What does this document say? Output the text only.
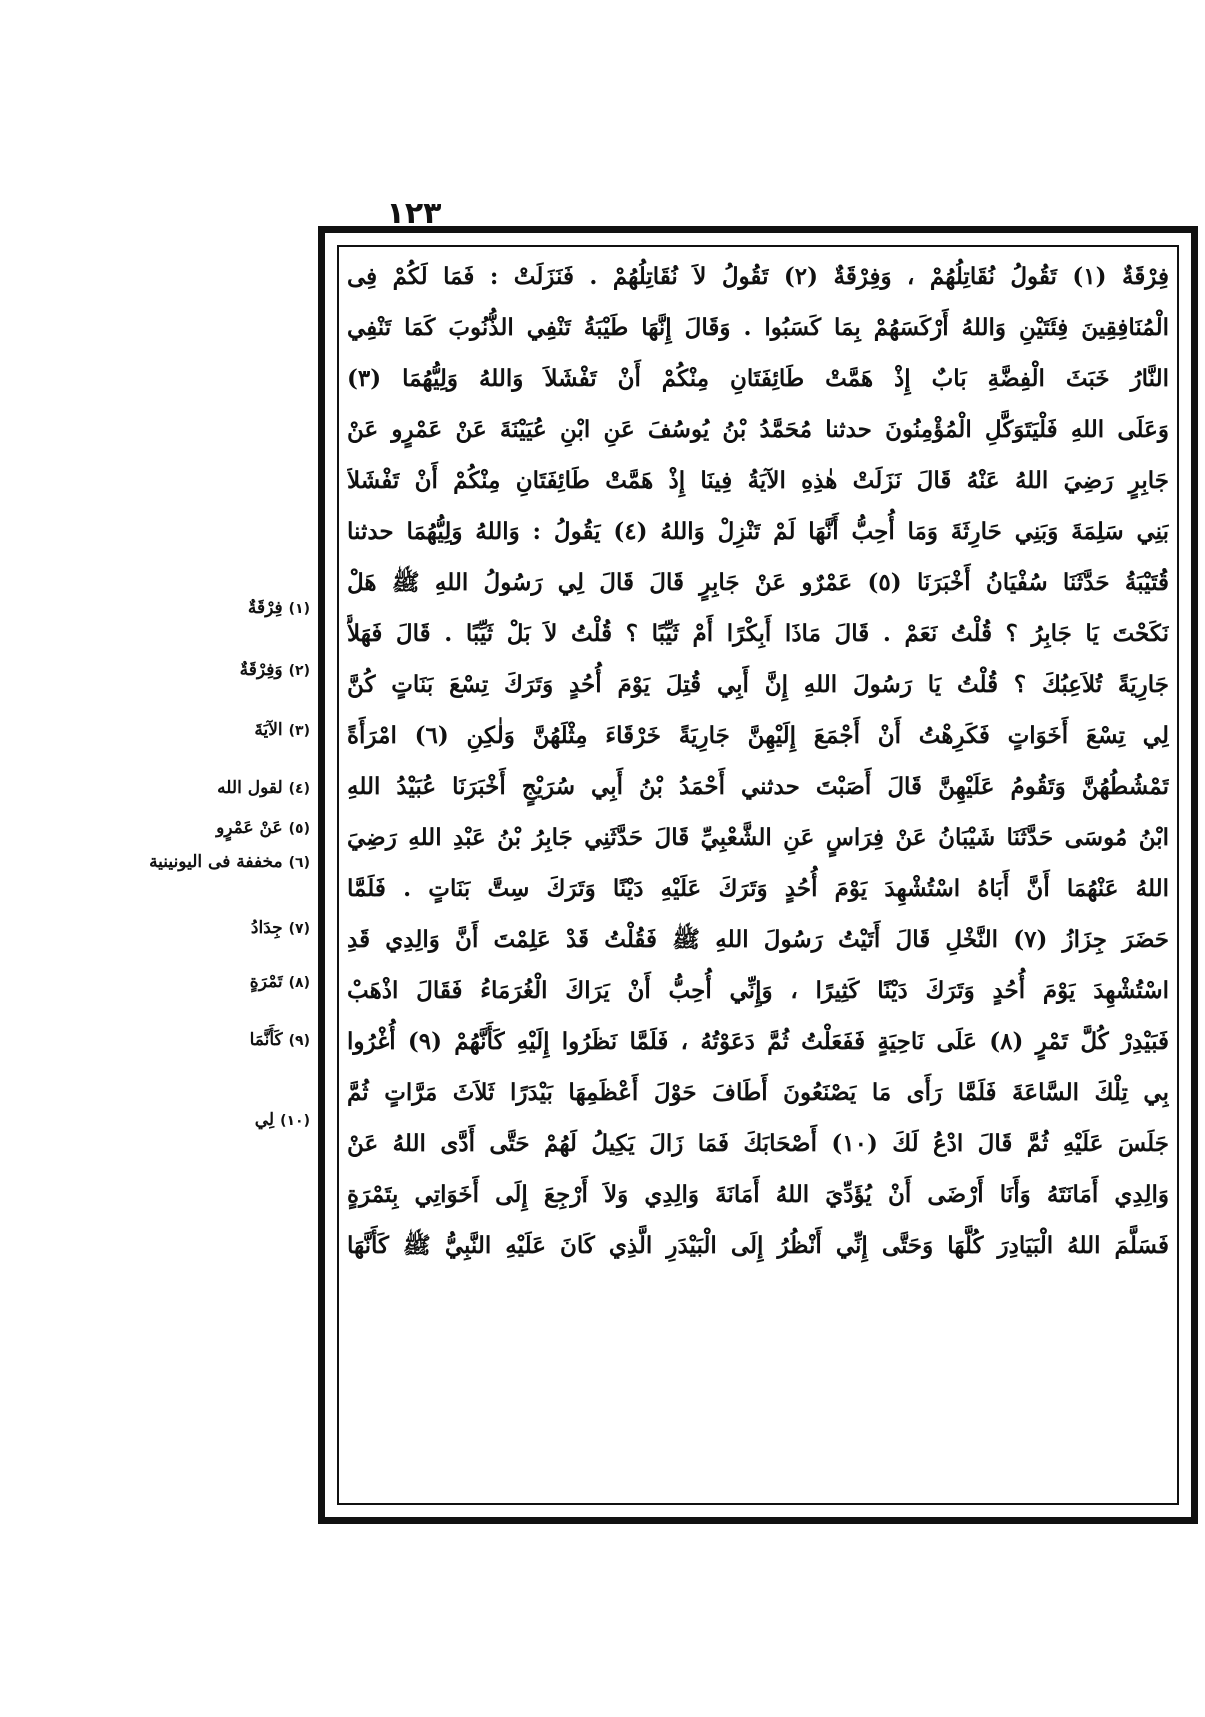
١٢٣
فِرْقَةٌ (١) تَقُولُ نُقَاتِلُهُمْ ، وَفِرْقَةٌ (٢) تَقُولُ لاَ نُقَاتِلُهُمْ . فَنَزَلَتْ : فَمَا لَكُمْ فِى
الْمُنَافِقِينَ فِئَتَيْنِ وَاللهُ أَرْكَسَهُمْ بِمَا كَسَبُوا . وَقَالَ إِنَّهَا طَيْبَةُ تَنْفِي الذُّنُوبَ كَمَا تَنْفِي
النَّارُ خَبَثَ الْفِضَّةِ بَابٌ إِذْ هَمَّتْ طَائِفَتَانِ مِنْكُمْ أَنْ تَفْشَلاَ وَاللهُ وَلِيُّهُمَا (٣)
وَعَلَى اللهِ فَلْيَتَوَكَّلِ الْمُؤْمِنُونَ حدثنا مُحَمَّدُ بْنُ يُوسُفَ عَنِ ابْنِ عُيَيْنَةَ عَنْ عَمْرٍو عَنْ
جَابِرٍ رَضِيَ اللهُ عَنْهُ قَالَ نَزَلَتْ هٰذِهِ الآيَةُ فِينَا إِذْ هَمَّتْ طَائِفَتَانِ مِنْكُمْ أَنْ تَفْشَلاَ
بَنِي سَلِمَةَ وَبَنِي حَارِثَةَ وَمَا أُحِبُّ أَنَّهَا لَمْ تَنْزِلْ وَاللهُ (٤) يَقُولُ : وَاللهُ وَلِيُّهُمَا حدثنا
قُتَيْبَةُ حَدَّثَنَا سُفْيَانُ أَخْبَرَنَا (٥) عَمْرٌو عَنْ جَابِرٍ قَالَ قَالَ لِي رَسُولُ اللهِ ﷺ هَلْ
نَكَحْتَ يَا جَابِرُ ؟ قُلْتُ نَعَمْ . قَالَ مَاذَا أَبِكْرًا أَمْ ثَيِّبًا ؟ قُلْتُ لاَ بَلْ ثَيِّبًا . قَالَ فَهَلاَّ
جَارِيَةً تُلاَعِبُكَ ؟ قُلْتُ يَا رَسُولَ اللهِ إِنَّ أَبِي قُتِلَ يَوْمَ أُحُدٍ وَتَرَكَ تِسْعَ بَنَاتٍ كُنَّ
لِي تِسْعَ أَخَوَاتٍ فَكَرِهْتُ أَنْ أَجْمَعَ إِلَيْهِنَّ جَارِيَةً خَرْقَاءَ مِثْلَهُنَّ وَلٰكِنِ (٦) امْرَأَةً
تَمْشُطُهُنَّ وَتَقُومُ عَلَيْهِنَّ قَالَ أَصَبْتَ حدثني أَحْمَدُ بْنُ أَبِي سُرَيْجٍ أَخْبَرَنَا عُبَيْدُ اللهِ
ابْنُ مُوسَى حَدَّثَنَا شَيْبَانُ عَنْ فِرَاسٍ عَنِ الشَّعْبِيِّ قَالَ حَدَّثَنِي جَابِرُ بْنُ عَبْدِ اللهِ رَضِيَ
اللهُ عَنْهُمَا أَنَّ أَبَاهُ اسْتُشْهِدَ يَوْمَ أُحُدٍ وَتَرَكَ عَلَيْهِ دَيْنًا وَتَرَكَ سِتَّ بَنَاتٍ . فَلَمَّا
حَضَرَ جِزَازُ (٧) النَّخْلِ قَالَ أَتَيْتُ رَسُولَ اللهِ ﷺ فَقُلْتُ قَدْ عَلِمْتَ أَنَّ وَالِدِي قَدِ
اسْتُشْهِدَ يَوْمَ أُحُدٍ وَتَرَكَ دَيْنًا كَثِيرًا ، وَإِنِّي أُحِبُّ أَنْ يَرَاكَ الْغُرَمَاءُ فَقَالَ اذْهَبْ
فَبَيْدِرْ كُلَّ تَمْرٍ (٨) عَلَى نَاحِيَةٍ فَفَعَلْتُ ثُمَّ دَعَوْتُهُ ، فَلَمَّا نَظَرُوا إِلَيْهِ كَأَنَّهُمْ (٩) أُغْرُوا
بِي تِلْكَ السَّاعَةَ فَلَمَّا رَأَى مَا يَصْنَعُونَ أَطَافَ حَوْلَ أَعْظَمِهَا بَيْدَرًا ثَلاَثَ مَرَّاتٍ ثُمَّ
جَلَسَ عَلَيْهِ ثُمَّ قَالَ ادْعُ لَكَ (١٠) أَصْحَابَكَ فَمَا زَالَ يَكِيلُ لَهُمْ حَتَّى أَدَّى اللهُ عَنْ
وَالِدِي أَمَانَتَهُ وَأَنَا أَرْضَى أَنْ يُؤَدِّيَ اللهُ أَمَانَةَ وَالِدِي وَلاَ أَرْجِعَ إِلَى أَخَوَاتِي بِتَمْرَةٍ
فَسَلَّمَ اللهُ الْبَيَادِرَ كُلَّهَا وَحَتَّى إِنِّي أَنْظُرُ إِلَى الْبَيْدَرِ الَّذِي كَانَ عَلَيْهِ النَّبِيُّ ﷺ كَأَنَّهَا
(١)فِرْقَةٌ
(٢)وَفِرْقَةٌ
(٣)الآيَةَ
(٤)لقول الله
(٥)عَنْ عَمْرٍو
(٦)مخففة فى اليونينية
(٧)جِدَادُ
(٨)تَمْرَةٍ
(٩)كَأَنَّمَا
(١٠)لِي
